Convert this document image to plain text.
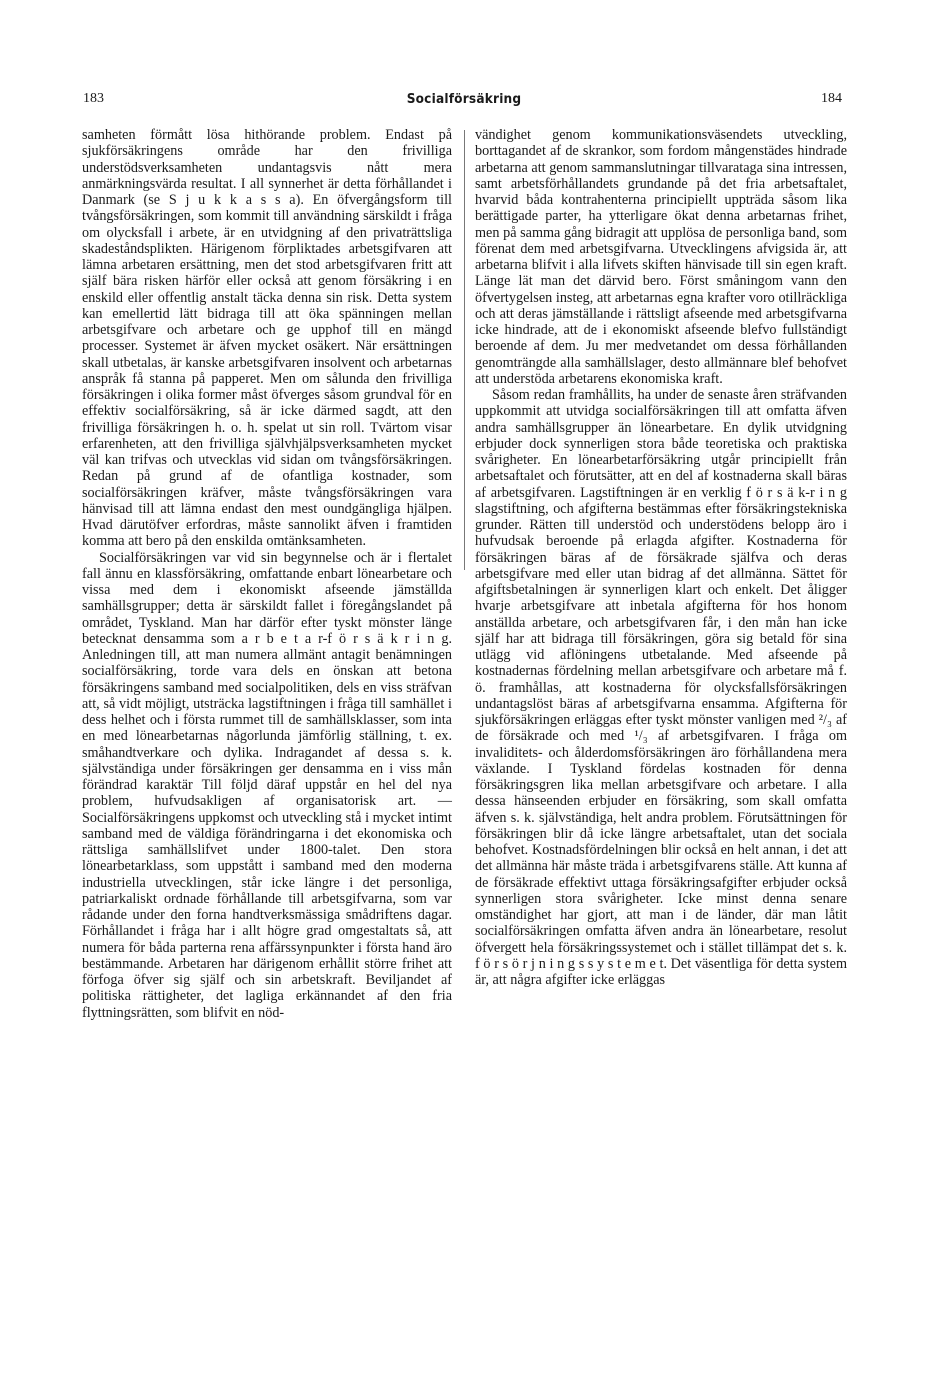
183	Socialförsäkring	184

samheten förmått lösa hithörande problem. Endast på sjukförsäkringens område har den frivilliga understödsverksamheten undantagsvis nått mera anmärkningsvärda resultat. I all synnerhet är detta förhållandet i Danmark (se S j u k k a s s a). En öfvergångsform till tvångsförsäkringen, som kommit till användning särskildt i fråga om olycksfall i arbete, är en utvidgning af den privaträttsliga skadeståndsplikten. Härigenom förpliktades arbetsgifvaren att lämna arbetaren ersättning, men det stod arbetsgifvaren fritt att själf bära risken härför eller också att genom försäkring i en enskild eller offentlig anstalt täcka denna sin risk. Detta system kan emellertid lätt bidraga till att öka spänningen mellan arbetsgifvare och arbetare och ge upphof till en mängd processer. Systemet är äfven mycket osäkert. När ersättningen skall utbetalas, är kanske arbetsgifvaren insolvent och arbetarnas anspråk få stanna på papperet. Men om sålunda den frivilliga försäkringen i olika former måst öfverges såsom grundval för en effektiv socialförsäkring, så är icke därmed sagdt, att den frivilliga försäkringen h. o. h. spelat ut sin roll. Tvärtom visar erfarenheten, att den frivilliga självhjälpsverksamheten mycket väl kan trifvas och utvecklas vid sidan om tvångsförsäkringen. Redan på grund af de ofantliga kostnader, som socialförsäkringen kräfver, måste tvångsförsäkringen vara hänvisad till att lämna endast den mest oundgängliga hjälpen. Hvad därutöfver erfordras, måste sannolikt äfven i framtiden komma att bero på den enskilda omtänksamheten.

Socialförsäkringen var vid sin begynnelse och är i flertalet fall ännu en klassförsäkring, omfattande enbart lönearbetare och vissa med dem i ekonomiskt afseende jämställda samhällsgrupper; detta är särskildt fallet i föregångslandet på området, Tyskland. Man har därför efter tyskt mönster länge betecknat densamma som a r b e t a r-f ö r s ä k r i n g. Anledningen till, att man numera allmänt antagit benämningen socialförsäkring, torde vara dels en önskan att betona försäkringens samband med socialpolitiken, dels en viss sträfvan att, så vidt möjligt, utsträcka lagstiftningen i fråga till samhället i dess helhet och i första rummet till de samhällsklasser, som inta en med lönearbetarnas någorlunda jämförlig ställning, t. ex. småhandtverkare och dylika. Indragandet af dessa s. k. självständiga under försäkringen ger densamma en i viss mån förändrad karaktär Till följd däraf uppstår en hel del nya problem, hufvudsakligen af organisatorisk art. — Socialförsäkringens uppkomst och utveckling stå i mycket intimt samband med de väldiga förändringarna i det ekonomiska och rättsliga samhällslifvet under 1800-talet. Den stora lönearbetarklass, som uppstått i samband med den moderna industriella utvecklingen, står icke längre i det personliga, patriarkaliskt ordnade förhållande till arbetsgifvarna, som var rådande under den forna handtverksmässiga smådriftens dagar. Förhållandet i fråga har i allt högre grad omgestaltats så, att numera för båda parterna rena affärssynpunkter i första hand äro bestämmande. Arbetaren har därigenom erhållit större frihet att förfoga öfver sig själf och sin arbetskraft. Beviljandet af politiska rättigheter, det lagliga erkännandet af den fria flyttningsrätten, som blifvit en nöd-

vändighet genom kommunikationsväsendets utveckling, borttagandet af de skrankor, som fordom mångenstädes hindrade arbetarna att genom sammanslutningar tillvarataga sina intressen, samt arbetsförhållandets grundande på det fria arbetsaftalet, hvarvid båda kontrahenterna principiellt uppträda såsom lika berättigade parter, ha ytterligare ökat denna arbetarnas frihet, men på samma gång bidragit att upplösa de personliga band, som förenat dem med arbetsgifvarna. Utvecklingens afvigsida är, att arbetarna blifvit i alla lifvets skiften hänvisade till sin egen kraft. Länge lät man det därvid bero. Först småningom vann den öfvertygelsen insteg, att arbetarnas egna krafter voro otillräckliga och att deras jämställande i rättsligt afseende med arbetsgifvarna icke hindrade, att de i ekonomiskt afseende blefvo fullständigt beroende af dem. Ju mer medvetandet om dessa förhållanden genomträngde alla samhällslager, desto allmännare blef behofvet att understöda arbetarens ekonomiska kraft.

Såsom redan framhållits, ha under de senaste åren sträfvanden uppkommit att utvidga socialförsäkringen till att omfatta äfven andra samhällsgrupper än lönearbetare. En dylik utvidgning erbjuder dock synnerligen stora både teoretiska och praktiska svårigheter. En lönearbetarförsäkring utgår principiellt från arbetsaftalet och förutsätter, att en del af kostnaderna skall bäras af arbetsgifvaren. Lagstiftningen är en verklig f ö r s ä k-r i n g slagstiftning, och afgifterna bestämmas efter försäkringstekniska grunder. Rätten till understöd och understödens belopp äro i hufvudsak beroende på erlagda afgifter. Kostnaderna för försäkringen bäras af de försäkrade själfva och deras arbetsgifvare med eller utan bidrag af det allmänna. Sättet för afgiftsbetalningen är synnerligen klart och enkelt. Det åligger hvarje arbetsgifvare att inbetala afgifterna för hos honom anställda arbetare, och arbetsgifvaren får, i den mån han icke själf har att bidraga till försäkringen, göra sig betald för sina utlägg vid aflöningens utbetalande. Med afseende på kostnadernas fördelning mellan arbetsgifvare och arbetare må f. ö. framhållas, att kostnaderna för olycksfallsförsäkringen undantagslöst bäras af arbetsgifvarna ensamma. Afgifterna för sjukförsäkringen erläggas efter tyskt mönster vanligen med ²/₃ af de försäkrade och med ¹/₃ af arbetsgifvaren. I fråga om invaliditets- och ålderdomsförsäkringen äro förhållandena mera växlande. I Tyskland fördelas kostnaden för denna försäkringsgren lika mellan arbetsgifvare och arbetare. I alla dessa hänseenden erbjuder en försäkring, som skall omfatta äfven s. k. självständiga, helt andra problem. Förutsättningen för försäkringen blir då icke längre arbetsaftalet, utan det sociala behofvet. Kostnadsfördelningen blir också en helt annan, i det att det allmänna här måste träda i arbetsgifvarens ställe. Att kunna af de försäkrade effektivt uttaga försäkringsafgifter erbjuder också synnerligen stora svårigheter. Icke minst denna senare omständighet har gjort, att man i de länder, där man låtit socialförsäkringen omfatta äfven andra än lönearbetare, resolut öfvergett hela försäkringssystemet och i stället tillämpat det s. k. f ö r s ö r j n i n g s s y s t e m e t. Det väsentliga för detta system är, att några afgifter icke erläggas
